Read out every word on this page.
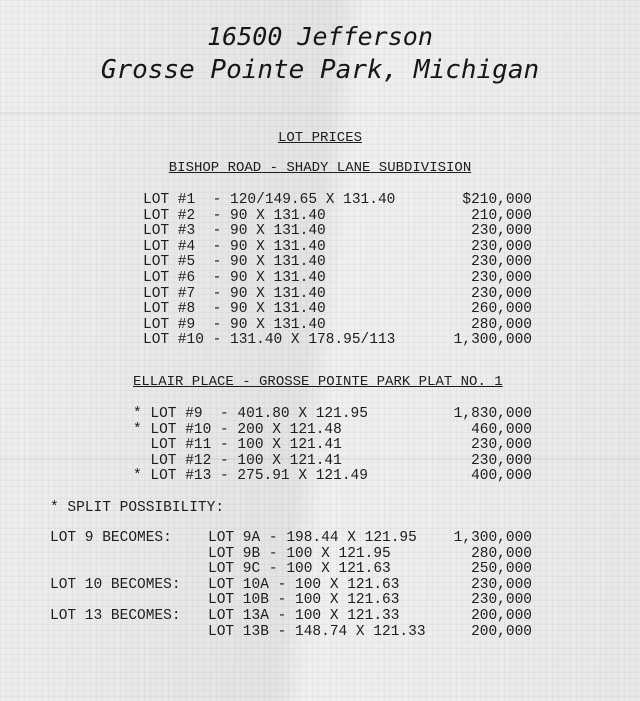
16500 Jefferson
Grosse Pointe Park, Michigan
LOT PRICES
BISHOP ROAD - SHADY LANE SUBDIVISION
LOT #1  - 120/149.65 X 131.40	$210,000
LOT #2  - 90 X 131.40	210,000
LOT #3  - 90 X 131.40	230,000
LOT #4  - 90 X 131.40	230,000
LOT #5  - 90 X 131.40	230,000
LOT #6  - 90 X 131.40	230,000
LOT #7  - 90 X 131.40	230,000
LOT #8  - 90 X 131.40	260,000
LOT #9  - 90 X 131.40	280,000
LOT #10 - 131.40 X 178.95/113	1,300,000
ELLAIR PLACE - GROSSE POINTE PARK PLAT NO. 1
* LOT #9  - 401.80 X 121.95	1,830,000
* LOT #10 - 200 X 121.48	460,000
LOT #11 - 100 X 121.41	230,000
LOT #12 - 100 X 121.41	230,000
* LOT #13 - 275.91 X 121.49	400,000
* SPLIT POSSIBILITY:
LOT 9 BECOMES: LOT 9A - 198.44 X 121.95	1,300,000
LOT 9B - 100 X 121.95	280,000
LOT 9C - 100 X 121.63	250,000
LOT 10 BECOMES: LOT 10A - 100 X 121.63	230,000
LOT 10B - 100 X 121.63	230,000
LOT 13 BECOMES: LOT 13A - 100 X 121.33	200,000
LOT 13B - 148.74 X 121.33	200,000
